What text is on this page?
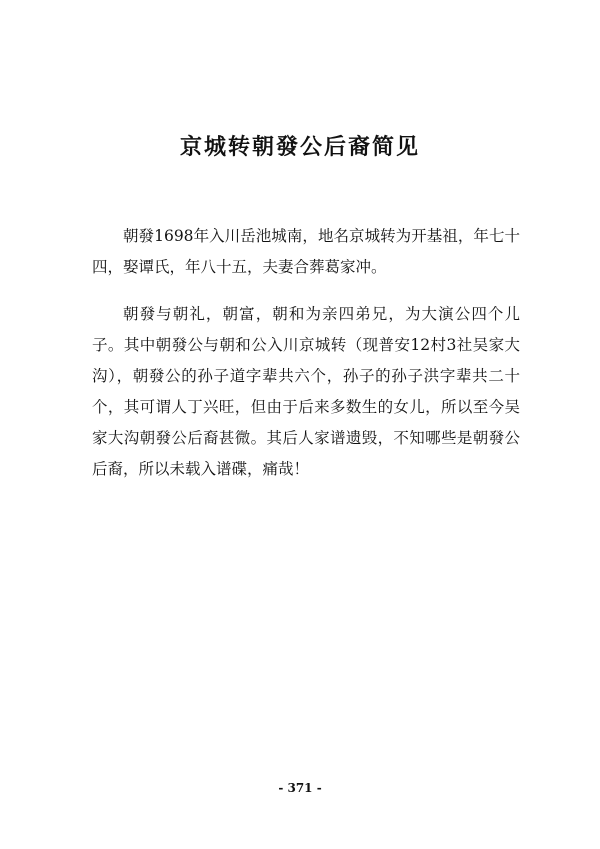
京城转朝發公后裔简见

朝發1698年入川岳池城南，地名京城转为开基祖，年七十四，娶谭氏，年八十五，夫妻合葬葛家冲。

朝發与朝礼，朝富，朝和为亲四弟兄，为大演公四个儿子。其中朝發公与朝和公入川京城转（现普安12村3社吴家大沟），朝發公的孙子道字辈共六个，孙子的孙子洪字辈共二十个，其可谓人丁兴旺，但由于后来多数生的女儿，所以至今吴家大沟朝發公后裔甚微。其后人家谱遗毁，不知哪些是朝發公后裔，所以未载入谱碟，痛哉！

- 371 -
